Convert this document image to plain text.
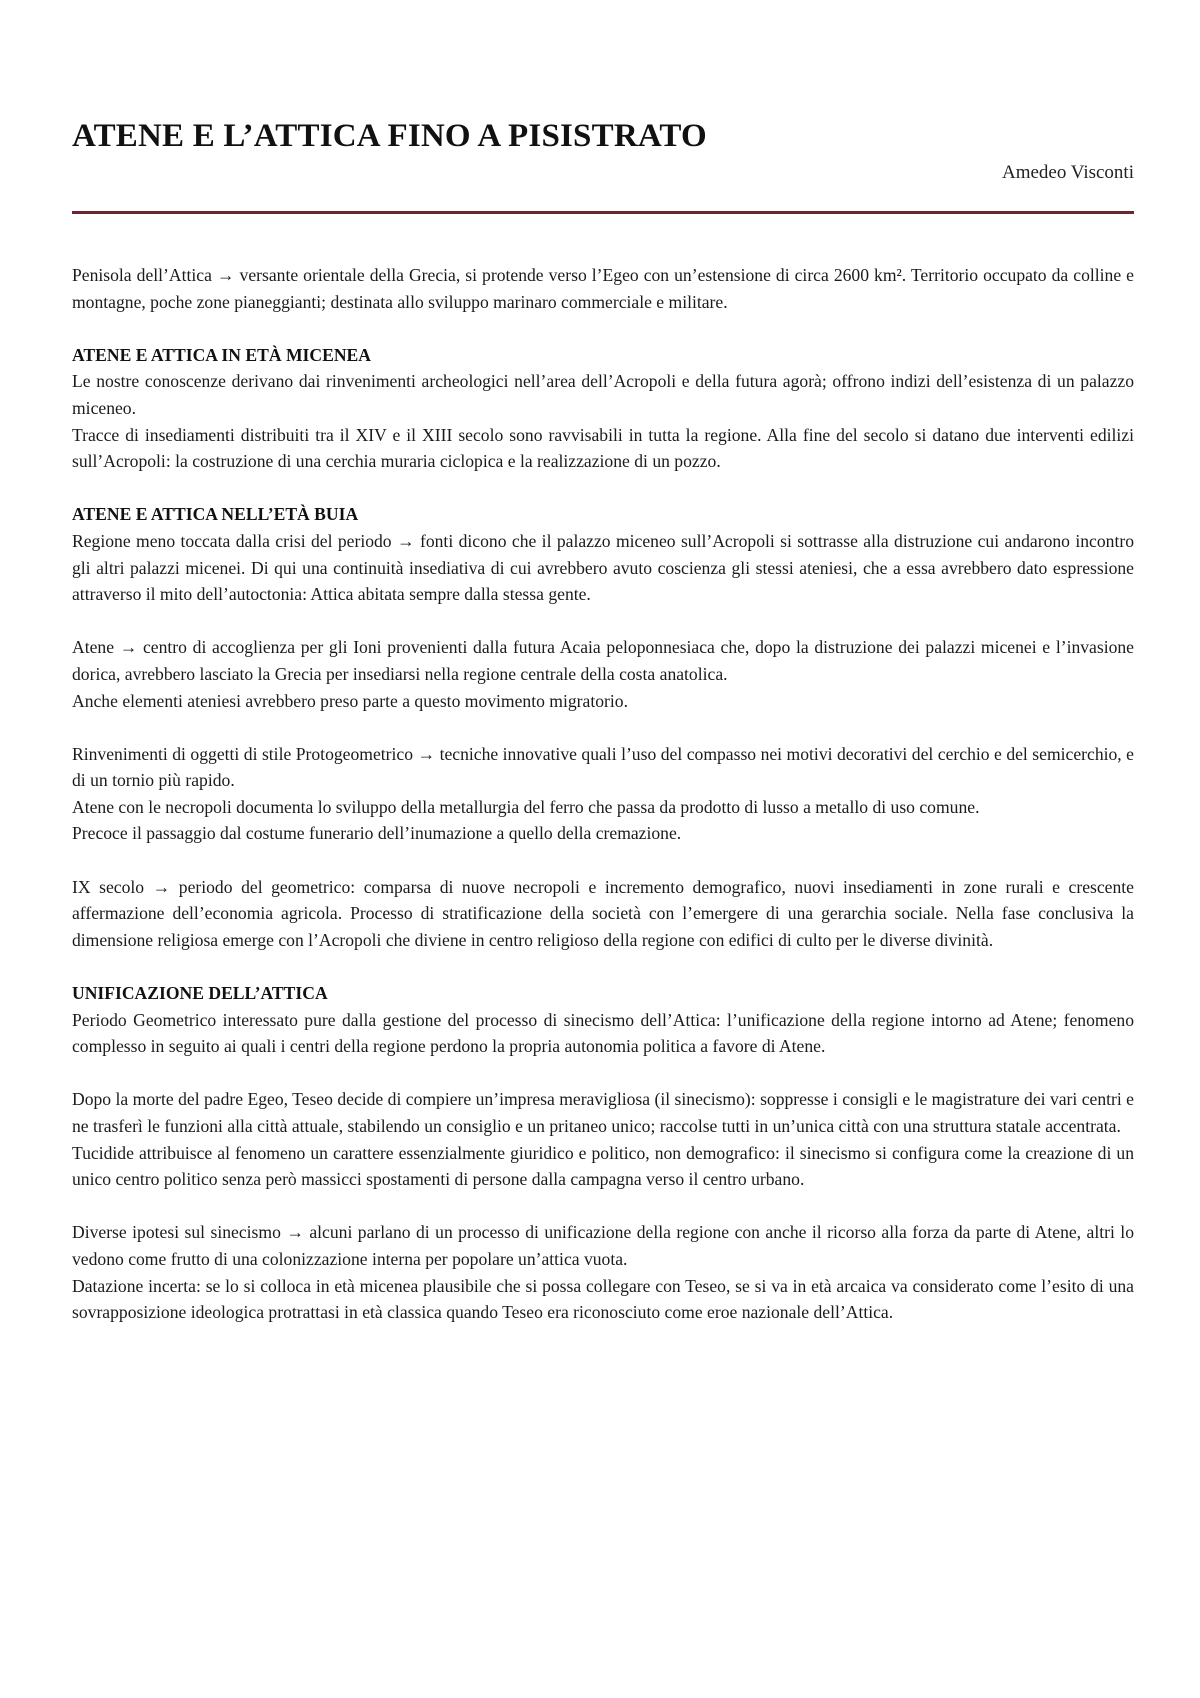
ATENE E L’ATTICA FINO A PISISTRATO
Amedeo Visconti

Penisola dell’Attica → versante orientale della Grecia, si protende verso l’Egeo con un’estensione di circa 2600 km². Territorio occupato da colline e montagne, poche zone pianeggianti; destinata allo sviluppo marinaro commerciale e militare.

ATENE E ATTICA IN ETÀ MICENEA

Le nostre conoscenze derivano dai rinvenimenti archeologici nell’area dell’Acropoli e della futura agorà; offrono indizi dell’esistenza di un palazzo miceneo.

Tracce di insediamenti distribuiti tra il XIV e il XIII secolo sono ravvisabili in tutta la regione. Alla fine del secolo si datano due interventi edilizi sull’Acropoli: la costruzione di una cerchia muraria ciclopica e la realizzazione di un pozzo.

ATENE E ATTICA NELL’ETÀ BUIA

Regione meno toccata dalla crisi del periodo → fonti dicono che il palazzo miceneo sull’Acropoli si sottrasse alla distruzione cui andarono incontro gli altri palazzi micenei. Di qui una continuità insediativa di cui avrebbero avuto coscienza gli stessi ateniesi, che a essa avrebbero dato espressione attraverso il mito dell’autoctonia: Attica abitata sempre dalla stessa gente.

Atene → centro di accoglienza per gli Ioni provenienti dalla futura Acaia peloponnesiaca che, dopo la distruzione dei palazzi micenei e l’invasione dorica, avrebbero lasciato la Grecia per insediarsi nella regione centrale della costa anatolica.

Anche elementi ateniesi avrebbero preso parte a questo movimento migratorio.

Rinvenimenti di oggetti di stile Protogeometrico → tecniche innovative quali l’uso del compasso nei motivi decorativi del cerchio e del semicerchio, e di un tornio più rapido.

Atene con le necropoli documenta lo sviluppo della metallurgia del ferro che passa da prodotto di lusso a metallo di uso comune.

Precoce il passaggio dal costume funerario dell’inumazione a quello della cremazione.

IX secolo → periodo del geometrico: comparsa di nuove necropoli e incremento demografico, nuovi insediamenti in zone rurali e crescente affermazione dell’economia agricola. Processo di stratificazione della società con l’emergere di una gerarchia sociale. Nella fase conclusiva la dimensione religiosa emerge con l’Acropoli che diviene in centro religioso della regione con edifici di culto per le diverse divinità.

UNIFICAZIONE DELL’ATTICA

Periodo Geometrico interessato pure dalla gestione del processo di sinecismo dell’Attica: l’unificazione della regione intorno ad Atene; fenomeno complesso in seguito ai quali i centri della regione perdono la propria autonomia politica a favore di Atene.

Dopo la morte del padre Egeo, Teseo decide di compiere un’impresa meravigliosa (il sinecismo): soppresse i consigli e le magistrature dei vari centri e ne trasferì le funzioni alla città attuale, stabilendo un consiglio e un pritaneo unico; raccolse tutti in un’unica città con una struttura statale accentrata.

Tucidide attribuisce al fenomeno un carattere essenzialmente giuridico e politico, non demografico: il sinecismo si configura come la creazione di un unico centro politico senza però massicci spostamenti di persone dalla campagna verso il centro urbano.

Diverse ipotesi sul sinecismo → alcuni parlano di un processo di unificazione della regione con anche il ricorso alla forza da parte di Atene, altri lo vedono come frutto di una colonizzazione interna per popolare un’attica vuota.

Datazione incerta: se lo si colloca in età micenea plausibile che si possa collegare con Teseo, se si va in età arcaica va considerato come l’esito di una sovrapposizione ideologica protrattasi in età classica quando Teseo era riconosciuto come eroe nazionale dell’Attica.
